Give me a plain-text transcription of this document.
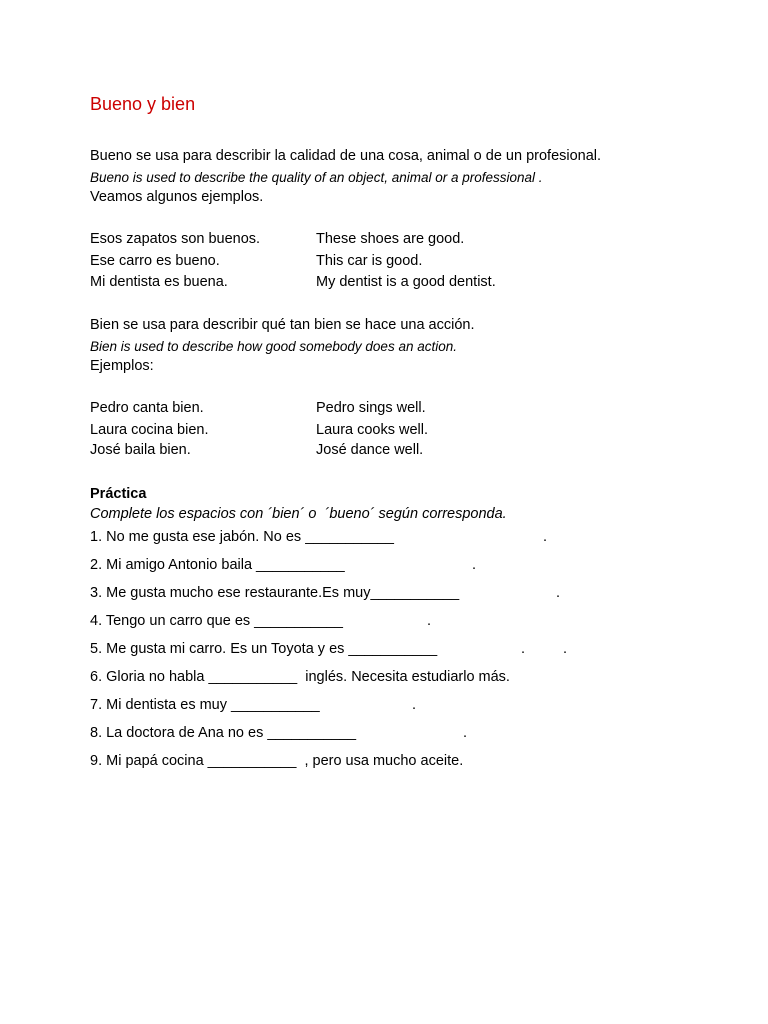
Bueno y bien
Bueno se usa para describir la calidad de una cosa, animal o de un profesional.
Bueno is used to describe the quality of an object, animal or a professional .
Veamos algunos ejemplos.
Esos zapatos son buenos.	These shoes are good.
Ese carro es bueno.	This car is good.
Mi dentista es buena.	My dentist is a good dentist.
Bien se usa para describir qué tan bien se hace una acción.
Bien is used to describe how good somebody does an action.
Ejemplos:
Pedro canta bien.	Pedro sings well.
Laura cocina bien.	Laura cooks well.
José baila bien.	José dance well.
Práctica
Complete los espacios con ´bien´ o  ´bueno´ según corresponda.
1. No me gusta ese jabón. No es ___________	.
2. Mi amigo Antonio baila ___________	.
3. Me gusta mucho ese restaurante.Es muy___________	.
4. Tengo un carro que es ___________	.
5. Me gusta mi carro. Es un Toyota y es ___________	.	.
6. Gloria no habla ___________  inglés. Necesita estudiarlo más.
7. Mi dentista es muy ___________	.
8. La doctora de Ana no es ___________	.
9. Mi papá cocina ___________  , pero usa mucho aceite.
